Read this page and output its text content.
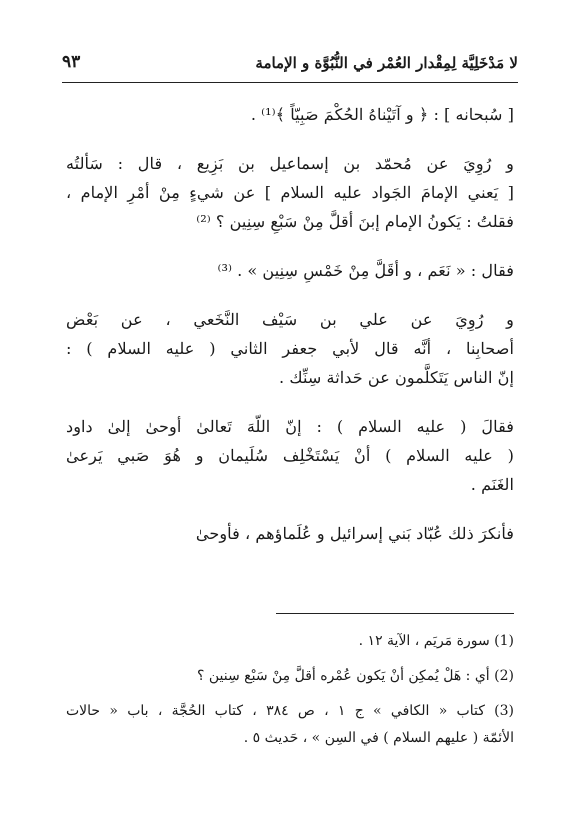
لا مَدْخَلِيَّة لِمِقْدار العُمْر في النُّبُوَّة و الإمامة
٩٣
[ سُبحانه ] : ﴿ و آتَيْناهُ الحُكْمَ صَبِيّاً ﴾⁽¹⁾ .
و رُوِيَ عن مُحمّد بن إسماعيل بن بَزِيع ، قال : سَألتُه
[ يَعني الإمامَ الجَواد عليه السلام ] عن شيءٍ مِنْ أمْرِ الإمام ،
فقلتُ : يَكونُ الإمام إبنَ أقلَّ مِنْ سَبْعِ سِنِين ؟ ⁽²⁾
فقال : « نَعَم ، و أقَلَّ مِنْ خَمْسِ سِنِين » . ⁽³⁾
و رُوِيَ عن علي بن سَيْف النَّخَعي ، عن بَعْض
أصحابِنا ، أنَّه قال لأبي جعفر الثاني ( عليه السلام ) :
إنّ الناس يَتَكلَّمون عن حَداثة سِنِّك .
فقالَ ( عليه السلام ) : إنّ اللّهَ تَعالىٰ أوحىٰ إلىٰ داود
( عليه السلام ) أنْ يَسْتَخْلِف سُلَيمان و هُوَ صَبي يَرعىٰ
الغَنَم .
فأنكرَ ذلك عُبّاد بَني إسرائيل و عُلَماؤهم ، فأوحىٰ
(1) سورة مَريَم ، الآية ١٢ .
(2) أي : هَلْ يُمكِن أنْ يَكون عُمْره أقلَّ مِنْ سَبْع سِنين ؟
(3) كتاب « الكافي » ج ١ ، ص ٣٨٤ ، كتاب الحُجَّة ، باب « حالات
الأئمّة ( عليهم السلام ) في السِن » ، حَديث ٥ .
